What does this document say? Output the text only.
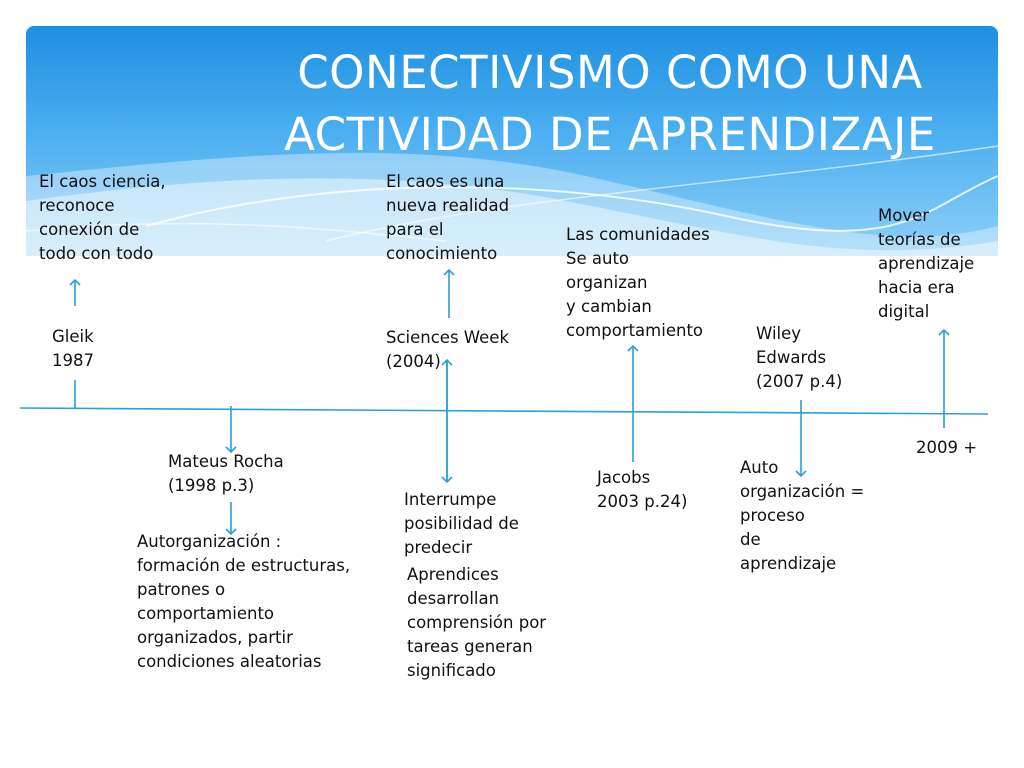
CONECTIVISMO COMO UNA
ACTIVIDAD DE APRENDIZAJE
El caos ciencia,
reconoce
conexión de
todo con todo
Gleik
1987
El caos es una
nueva realidad
para el
conocimiento
Sciences Week
(2004)
Las comunidades
Se auto
organizan
y cambian
comportamiento
Mover
teorías de
aprendizaje
hacia era
digital
Wiley
Edwards
(2007 p.4)
2009 +
Mateus Rocha
(1998 p.3)
Autorganización :
formación de estructuras,
patrones o
comportamiento
organizados, partir
condiciones aleatorias
Interrumpe
posibilidad de
predecir
Aprendices
desarrollan
comprensión por
tareas generan
significado
Jacobs
2003 p.24)
Auto
organización =
proceso
de
aprendizaje
